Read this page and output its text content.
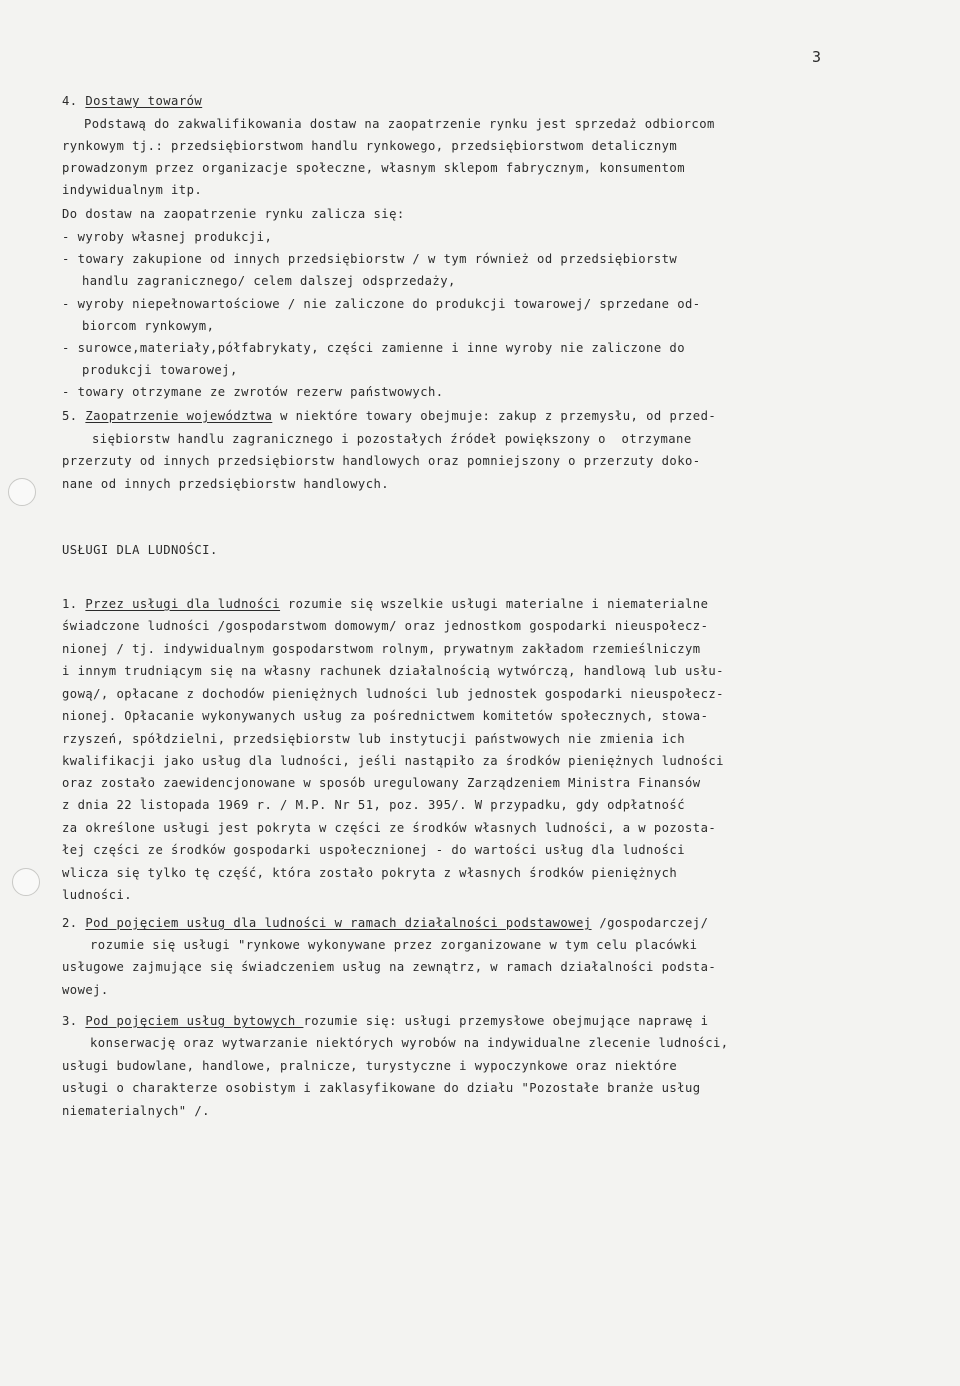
3
4. Dostawy towarów
Podstawą do zakwalifikowania dostaw na zaopatrzenie rynku jest sprzedaż odbiorcom
rynkowym tj.: przedsiębiorstwom handlu rynkowego, przedsiębiorstwom detalicznym
prowadzonym przez organizacje społeczne, własnym sklepom fabrycznym, konsumentom
indywidualnym itp.
Do dostaw na zaopatrzenie rynku zalicza się:
- wyroby własnej produkcji,
- towary zakupione od innych przedsiębiorstw / w tym również od przedsiębiorstw
handlu zagranicznego/ celem dalszej odsprzedaży,
- wyroby niepełnowartościowe / nie zaliczone do produkcji towarowej/ sprzedane od-
biorcom rynkowym,
- surowce,materiały,półfabrykaty, części zamienne i inne wyroby nie zaliczone do
produkcji towarowej,
- towary otrzymane ze zwrotów rezerw państwowych.
5. Zaopatrzenie województwa w niektóre towary obejmuje: zakup z przemysłu, od przed-
siębiorstw handlu zagranicznego i pozostałych źródeł powiększony o  otrzymane
przerzuty od innych przedsiębiorstw handlowych oraz pomniejszony o przerzuty doko-
nane od innych przedsiębiorstw handlowych.
USŁUGI DLA LUDNOŚCI.
1. Przez usługi dla ludności rozumie się wszelkie usługi materialne i niematerialne
świadczone ludności /gospodarstwom domowym/ oraz jednostkom gospodarki nieuspołecz-
nionej / tj. indywidualnym gospodarstwom rolnym, prywatnym zakładom rzemieślniczym
i innym trudniącym się na własny rachunek działalnością wytwórczą, handlową lub usłu-
gową/, opłacane z dochodów pieniężnych ludności lub jednostek gospodarki nieuspołecz-
nionej. Opłacanie wykonywanych usług za pośrednictwem komitetów społecznych, stowa-
rzyszeń, spółdzielni, przedsiębiorstw lub instytucji państwowych nie zmienia ich
kwalifikacji jako usług dla ludności, jeśli nastąpiło za środków pieniężnych ludności
oraz zostało zaewidencjonowane w sposób uregulowany Zarządzeniem Ministra Finansów
z dnia 22 listopada 1969 r. / M.P. Nr 51, poz. 395/. W przypadku, gdy odpłatność
za określone usługi jest pokryta w części ze środków własnych ludności, a w pozosta-
łej części ze środków gospodarki uspołecznionej - do wartości usług dla ludności
wlicza się tylko tę część, która zostało pokryta z własnych środków pieniężnych
ludności.
2. Pod pojęciem usług dla ludności w ramach działalności podstawowej /gospodarczej/
rozumie się usługi "rynkowe wykonywane przez zorganizowane w tym celu placówki
usługowe zajmujące się świadczeniem usług na zewnątrz, w ramach działalności podsta-
wowej.
3. Pod pojęciem usług bytowych rozumie się: usługi przemysłowe obejmujące naprawę i
konserwację oraz wytwarzanie niektórych wyrobów na indywidualne zlecenie ludności,
usługi budowlane, handlowe, pralnicze, turystyczne i wypoczynkowe oraz niektóre
usługi o charakterze osobistym i zaklasyfikowane do działu "Pozostałe branże usług
niematerialnych" /.
